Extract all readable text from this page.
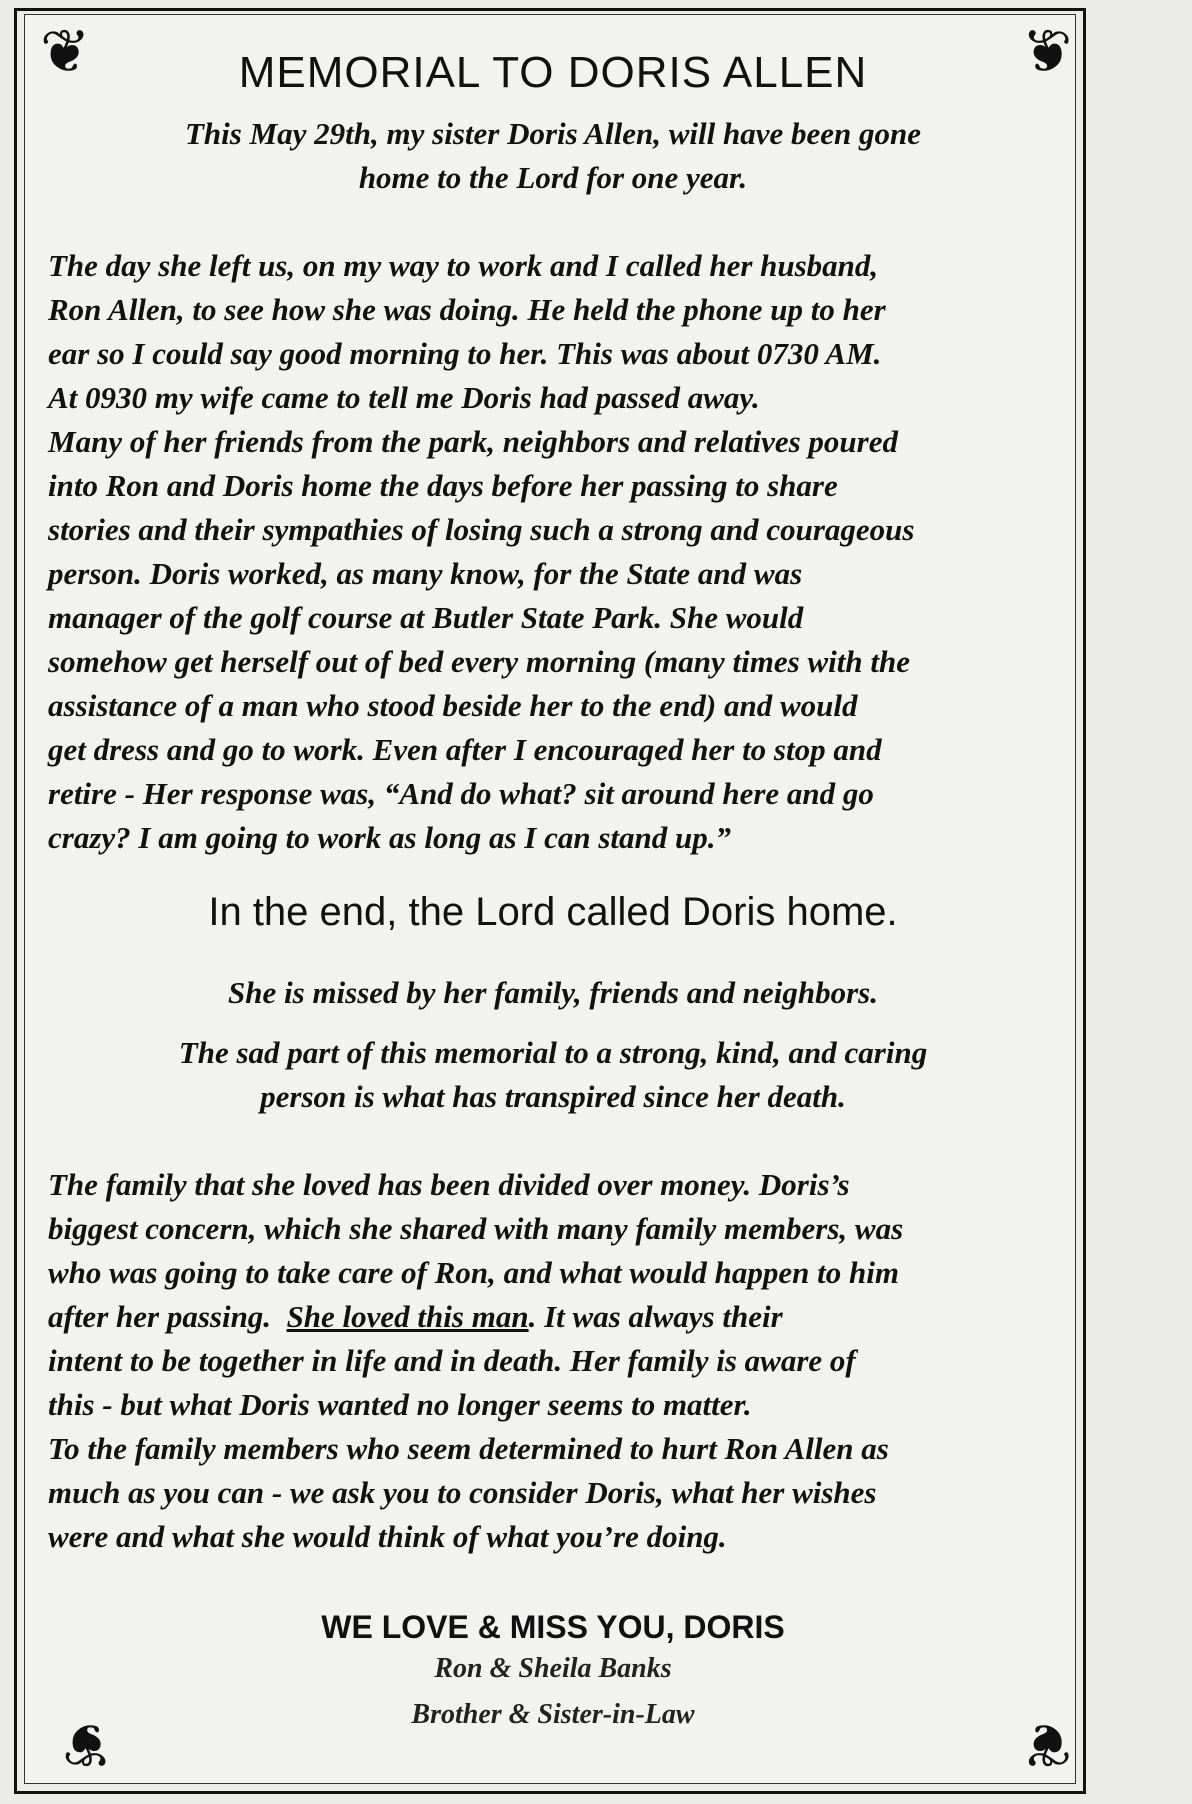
❦	❦
❦	❦
MEMORIAL TO DORIS ALLEN
This May 29th, my sister Doris Allen, will have been gone
home to the Lord for one year.
The day she left us, on my way to work and I called her husband,
Ron Allen, to see how she was doing. He held the phone up to her
ear so I could say good morning to her. This was about 0730 AM.
At 0930 my wife came to tell me Doris had passed away.
Many of her friends from the park, neighbors and relatives poured
into Ron and Doris home the days before her passing to share
stories and their sympathies of losing such a strong and courageous
person. Doris worked, as many know, for the State and was
manager of the golf course at Butler State Park. She would
somehow get herself out of bed every morning (many times with the
assistance of a man who stood beside her to the end) and would
get dress and go to work. Even after I encouraged her to stop and
retire - Her response was, “And do what? sit around here and go
crazy? I am going to work as long as I can stand up.”
In the end, the Lord called Doris home.
She is missed by her family, friends and neighbors.
The sad part of this memorial to a strong, kind, and caring
person is what has transpired since her death.
The family that she loved has been divided over money. Doris’s
biggest concern, which she shared with many family members, was
who was going to take care of Ron, and what would happen to him
after her passing. She loved this man. It was always their
intent to be together in life and in death. Her family is aware of
this - but what Doris wanted no longer seems to matter.
To the family members who seem determined to hurt Ron Allen as
much as you can - we ask you to consider Doris, what her wishes
were and what she would think of what you’re doing.
WE LOVE & MISS YOU, DORIS
Ron & Sheila Banks
Brother & Sister-in-Law
